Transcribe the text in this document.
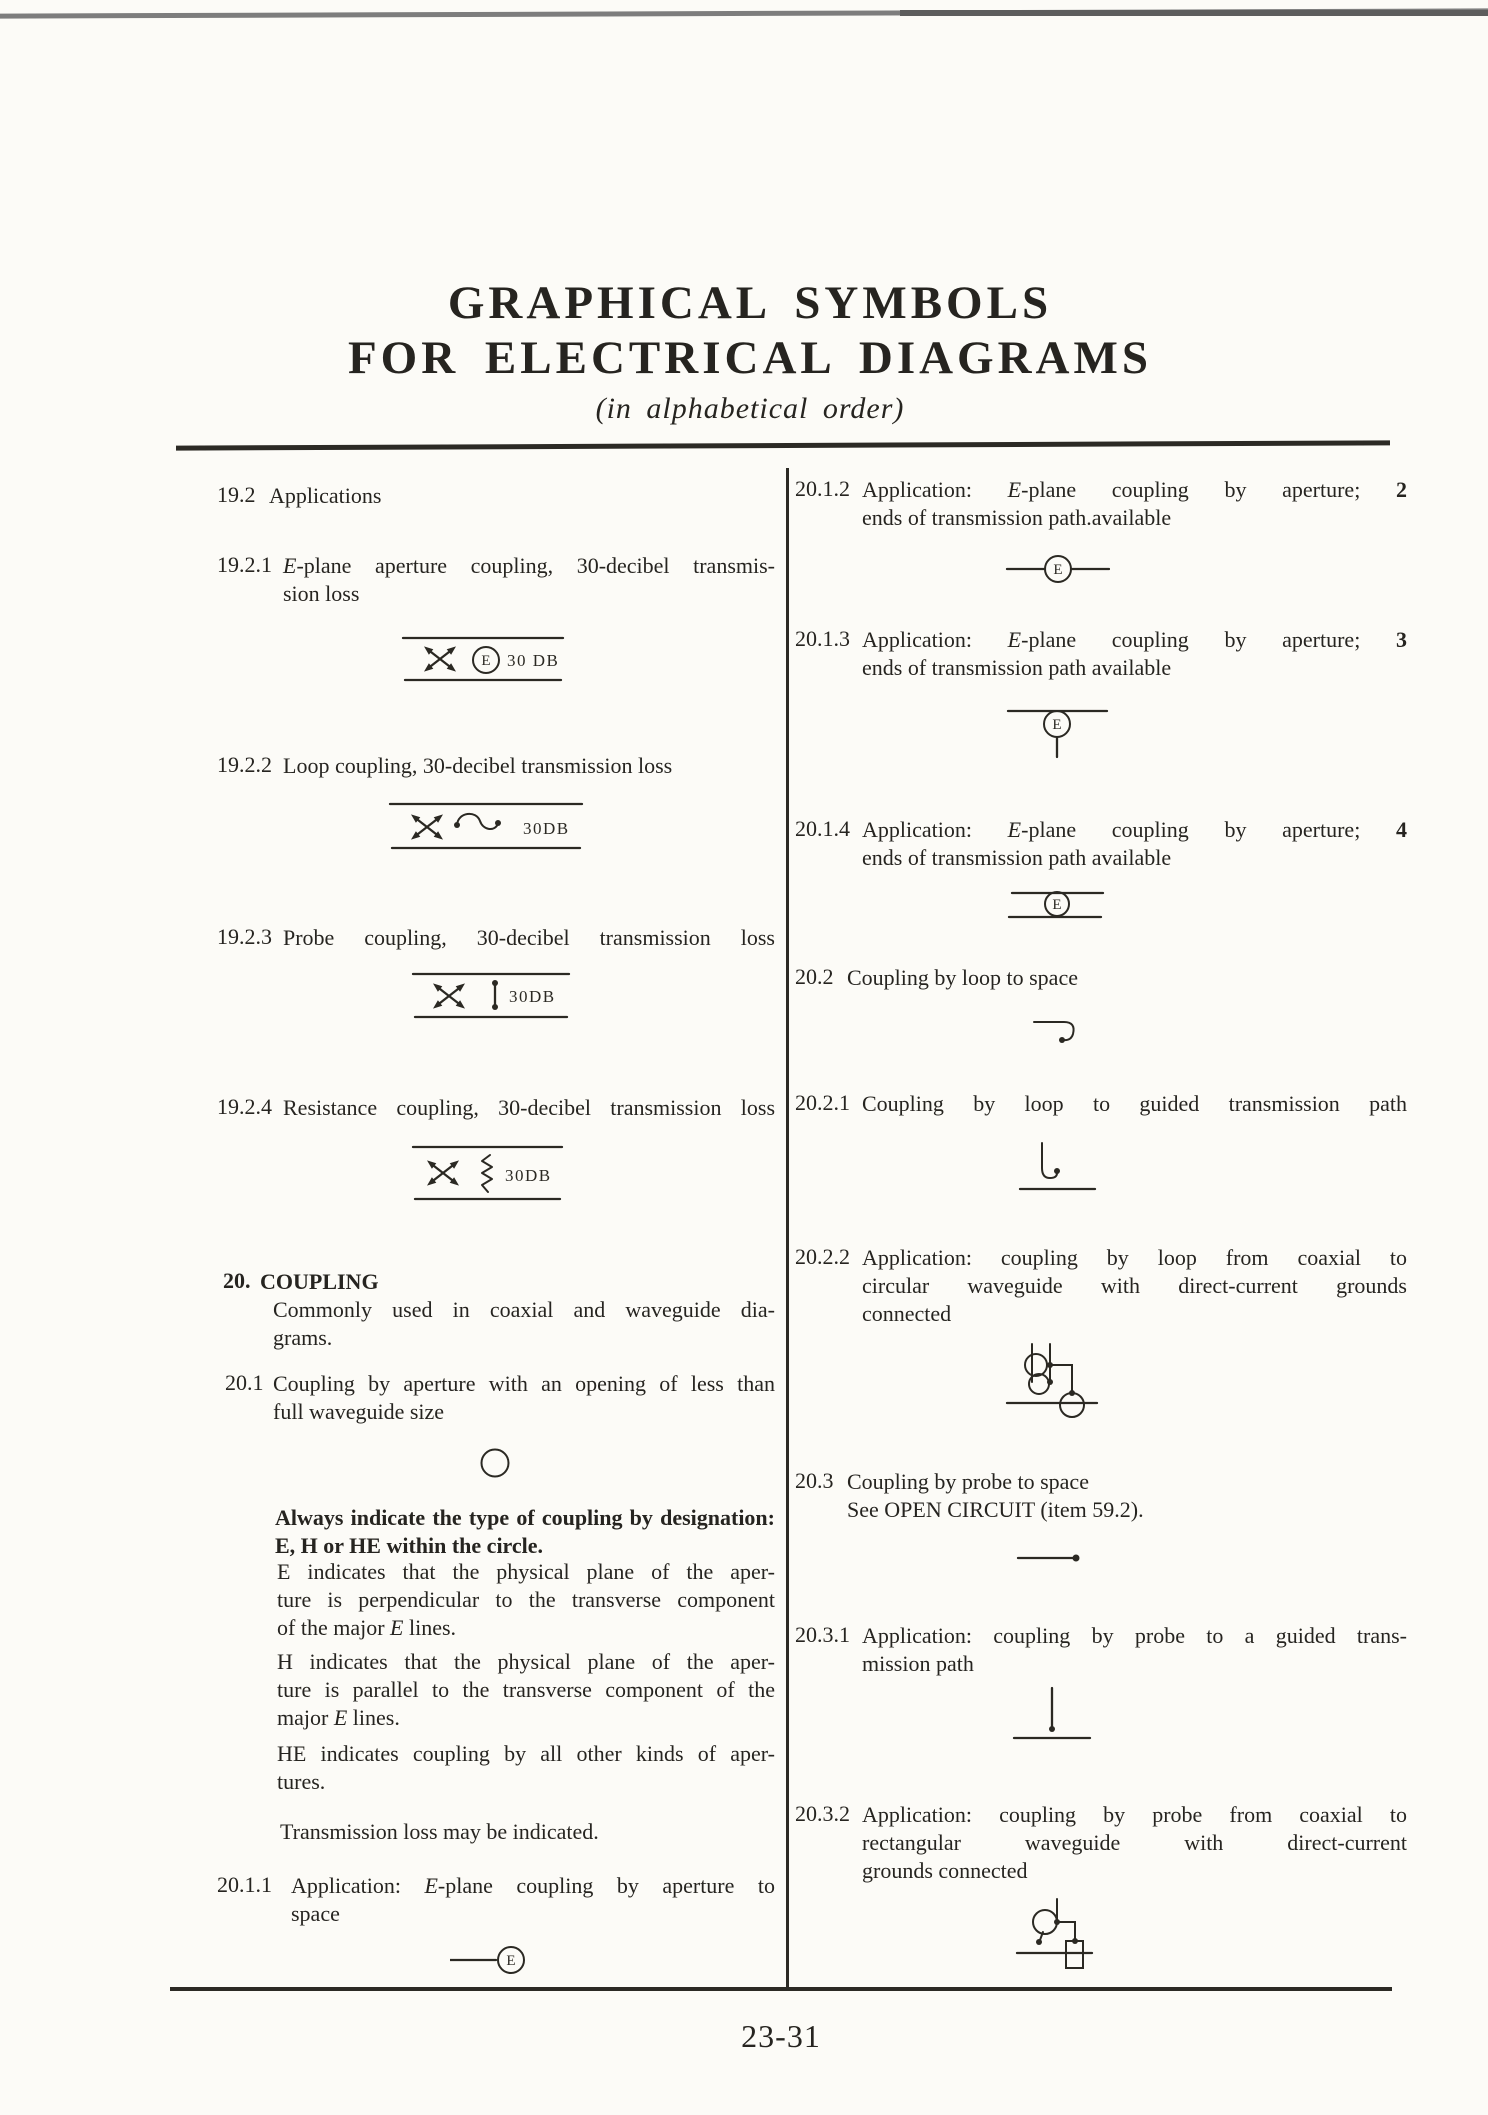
GRAPHICAL SYMBOLS
FOR ELECTRICAL DIAGRAMS
(in alphabetical order)
19.2 Applications
19.2.1 E-plane aperture coupling, 30-decibel transmis-
sion loss
E 30 DB
19.2.2 Loop coupling, 30-decibel transmission loss
30DB
19.2.3 Probe coupling, 30-decibel transmission loss
30DB
19.2.4 Resistance coupling, 30-decibel transmission loss
30DB
20. COUPLING
Commonly used in coaxial and waveguide dia-
grams.
20.1 Coupling by aperture with an opening of less than
full waveguide size
Always indicate the type of coupling by designation:
E, H or HE within the circle.
E indicates that the physical plane of the aper-
ture is perpendicular to the transverse component
of the major E lines.
H indicates that the physical plane of the aper-
ture is parallel to the transverse component of the
major E lines.
HE indicates coupling by all other kinds of aper-
tures.
Transmission loss may be indicated.
20.1.1 Application: E-plane coupling by aperture to
space
E
20.1.2 Application: E-plane coupling by aperture; 2
ends of transmission path.available
E
20.1.3 Application: E-plane coupling by aperture; 3
ends of transmission path available
E
20.1.4 Application: E-plane coupling by aperture; 4
ends of transmission path available
E
20.2 Coupling by loop to space
20.2.1 Coupling by loop to guided transmission path
20.2.2 Application: coupling by loop from coaxial to
circular waveguide with direct-current grounds
connected
20.3 Coupling by probe to space
See OPEN CIRCUIT (item 59.2).
20.3.1 Application: coupling by probe to a guided trans-
mission path
20.3.2 Application: coupling by probe from coaxial to
rectangular waveguide with direct-current
grounds connected
23-31
